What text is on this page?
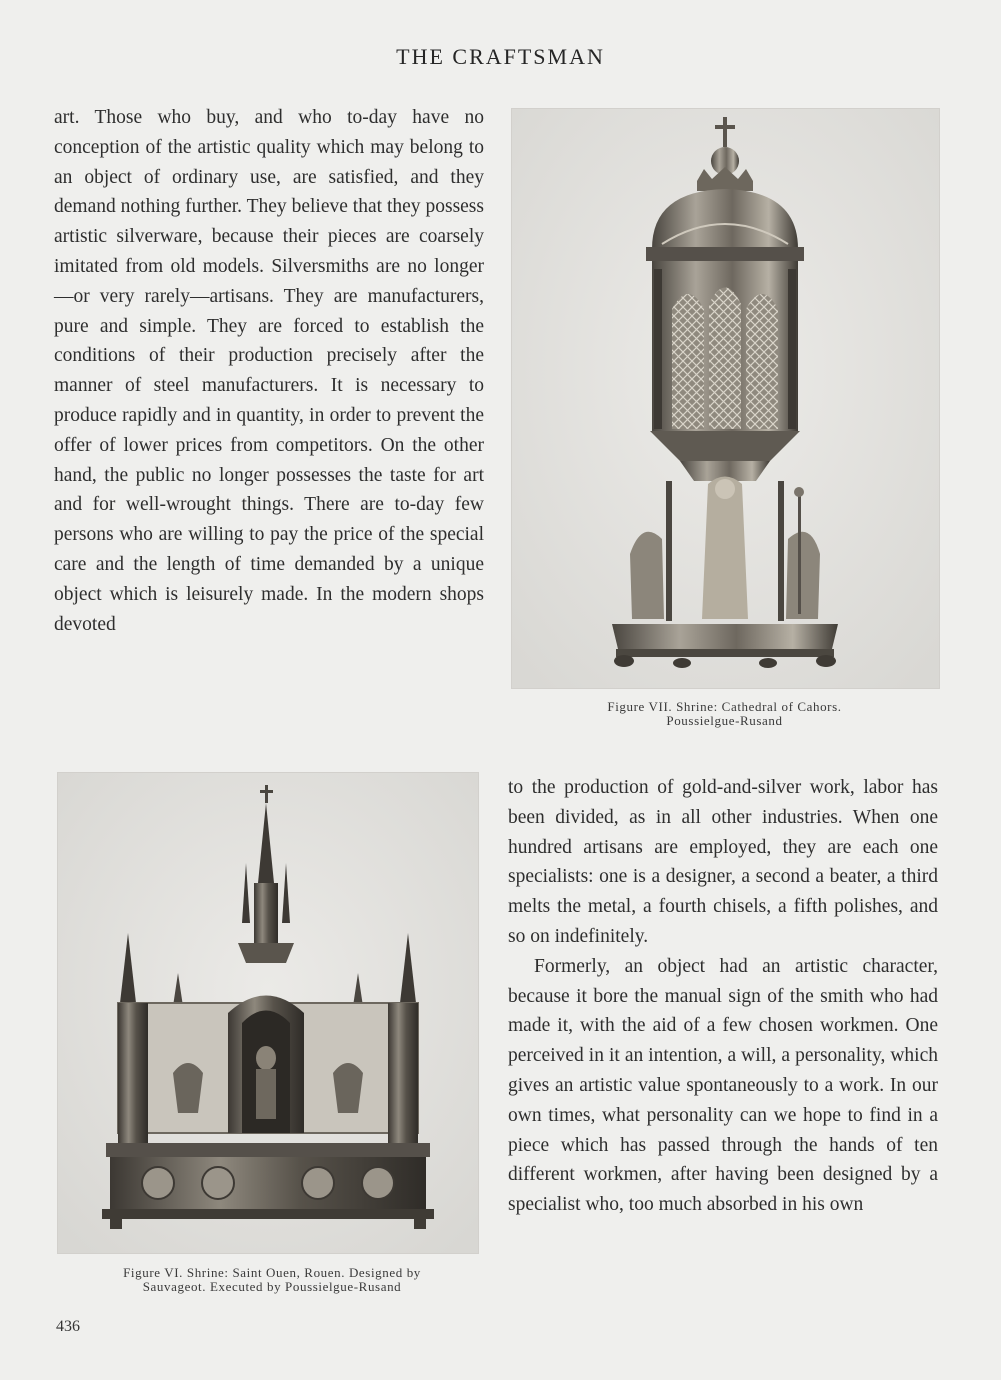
THE CRAFTSMAN

art. Those who buy, and who to-day have no conception of the artistic quality which may belong to an object of ordinary use, are satisfied, and they demand nothing further. They believe that they possess artistic silverware, because their pieces are coarsely imitated from old models. Silversmiths are no longer—or very rarely—artisans. They are manufacturers, pure and simple. They are forced to establish the conditions of their production precisely after the manner of steel manufacturers. It is necessary to produce rapidly and in quantity, in order to prevent the offer of lower prices from competitors. On the other hand, the public no longer possesses the taste for art and for well-wrought things. There are to-day few persons who are willing to pay the price of the special care and the length of time demanded by a unique object which is leisurely made. In the modern shops devoted

Figure VII. Shrine: Cathedral of Cahors.
Poussielgue-Rusand
Figure VI. Shrine: Saint Ouen, Rouen. Designed by
Sauvageot. Executed by Poussielgue-Rusand

to the production of gold-and-silver work, labor has been divided, as in all other industries. When one hundred artisans are employed, they are each one specialists: one is a designer, a second a beater, a third melts the metal, a fourth chisels, a fifth polishes, and so on indefinitely.

Formerly, an object had an artistic character, because it bore the manual sign of the smith who had made it, with the aid of a few chosen workmen. One perceived in it an intention, a will, a personality, which gives an artistic value spontaneously to a work. In our own times, what personality can we hope to find in a piece which has passed through the hands of ten different workmen, after having been designed by a specialist who, too much absorbed in his own

436
